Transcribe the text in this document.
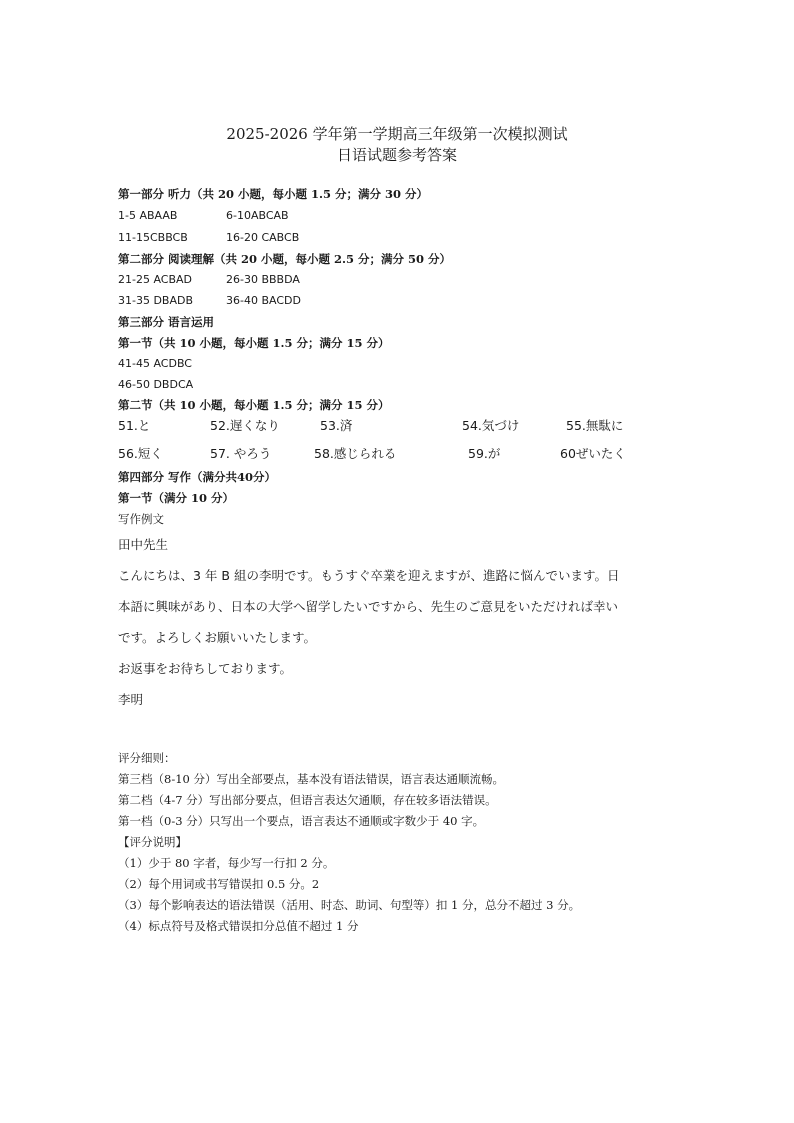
2025-2026 学年第一学期高三年级第一次模拟测试
日语试题参考答案
第一部分 听力（共 20 小题，每小题 1.5 分；满分 30 分）
1-5 ABAAB	6-10ABCAB
11-15CBBCB	16-20 CABCB
第二部分 阅读理解（共 20 小题，每小题 2.5 分；满分 50 分）
21-25 ACBAD	26-30 BBBDA
31-35 DBADB	36-40 BACDD
第三部分 语言运用
第一节（共 10 小题，每小题 1.5 分；满分 15 分）
41-45 ACDBC
46-50 DBDCA
第二节（共 10 小题，每小题 1.5 分；满分 15 分）
51.と	52.遅くなり	53.済	54.気づけ	55.無駄に
56.短く	57. やろう	58.感じられる	59.が	60ぜいたく
第四部分 写作（满分共40分）
第一节（满分 10 分）
写作例文
田中先生
こんにちは、3 年 B 組の李明です。もうすぐ卒業を迎えますが、進路に悩んでいます。日
本語に興味があり、日本の大学へ留学したいですから、先生のご意見をいただければ幸い
です。よろしくお願いいたします。
お返事をお待ちしております。
李明
评分细则：
第三档（8-10 分）写出全部要点，基本没有语法错误，语言表达通顺流畅。
第二档（4-7 分）写出部分要点，但语言表达欠通顺，存在较多语法错误。
第一档（0-3 分）只写出一个要点，语言表达不通顺或字数少于 40 字。
【评分说明】
（1）少于 80 字者，每少写一行扣 2 分。
（2）每个用词或书写错误扣 0.5 分。2
（3）每个影响表达的语法错误（活用、时态、助词、句型等）扣 1 分，总分不超过 3 分。
（4）标点符号及格式错误扣分总值不超过 1 分
